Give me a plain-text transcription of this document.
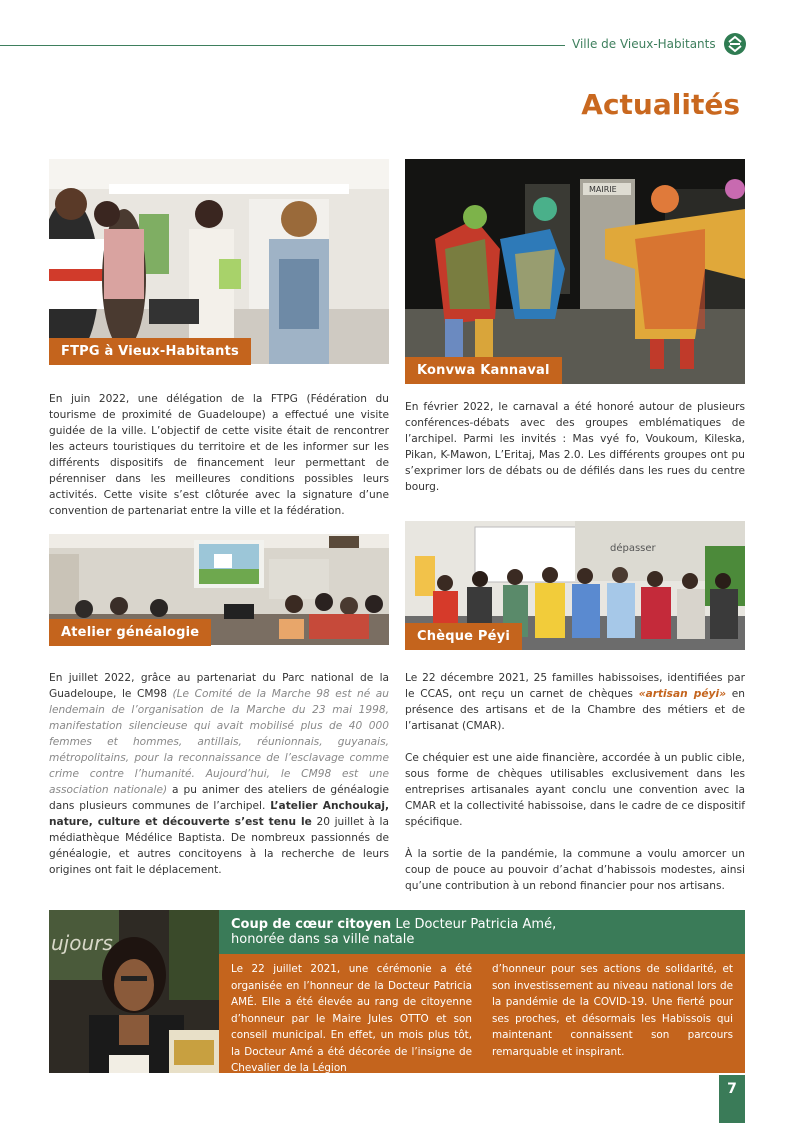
Ville de Vieux-Habitants
Actualités
FTPG à Vieux-Habitants
MAIRIE
Konvwa Kannaval

En juin 2022, une délégation de la FTPG (Fédération du tourisme de proximité de Guadeloupe) a effectué une visite guidée de la ville. L’objectif de cette visite était de rencontrer les acteurs touristiques du territoire et de les informer sur les différents dispositifs de financement leur permettant de pérenniser dans les meilleures conditions possibles leurs activités. Cette visite s’est clôturée avec la signature d’une convention de partenariat entre la ville et la fédération.

En février 2022, le carnaval a été honoré autour de plusieurs conférences-débats avec des groupes emblématiques de l’archipel. Parmi les invités : Mas vyé fo, Voukoum, Kileska, Pikan, K-Mawon, L’Eritaj, Mas 2.0. Les différents groupes ont pu s’exprimer lors de débats ou de défilés dans les rues du centre bourg.

Atelier généalogie
dépasser
Chèque Péyi

En juillet 2022, grâce au partenariat du Parc national de la Guadeloupe, le CM98 (Le Comité de la Marche 98 est né au lendemain de l’organisation de la Marche du 23 mai 1998, manifestation silencieuse qui avait mobilisé plus de 40 000 femmes et hommes, antillais, réunionnais, guyanais, métropolitains, pour la reconnaissance de l’esclavage comme crime contre l’humanité. Aujourd’hui, le CM98 est une association nationale) a pu animer des ateliers de généalogie dans plusieurs communes de l’archipel. L’atelier Anchoukaj, nature, culture et découverte s’est tenu le 20 juillet à la médiathèque Médélice Baptista. De nombreux passionnés de généalogie, et autres concitoyens à la recherche de leurs origines ont fait le déplacement.

Le 22 décembre 2021, 25 familles habissoises, identifiées par le CCAS, ont reçu un carnet de chèques «artisan péyi» en présence des artisans et de la Chambre des métiers et de l’artisanat (CMAR).

Ce chéquier est une aide financière, accordée à un public cible, sous forme de chèques utilisables exclusivement dans les entreprises artisanales ayant conclu une convention avec la CMAR et la collectivité habissoise, dans le cadre de ce dispositif spécifique.

À la sortie de la pandémie, la commune a voulu amorcer un coup de pouce au pouvoir d’achat d’habissois modestes, ainsi qu’une contribution à un rebond financier pour nos artisans.

ujours
Coup de cœur citoyen Le Docteur Patricia Amé,
honorée dans sa ville natale

Le 22 juillet 2021, une cérémonie a été organisée en l’honneur de la Docteur Patricia AMÉ. Elle a été élevée au rang de citoyenne d’honneur par le Maire Jules OTTO et son conseil municipal. En effet, un mois plus tôt, la Docteur Amé a été décorée de l’insigne de Chevalier de la Légion

d’honneur pour ses actions de solidarité, et son investissement au niveau national lors de la pandémie de la COVID-19. Une fierté pour ses proches, et désormais les Habissois qui maintenant connaissent son parcours remarquable et inspirant.

7
